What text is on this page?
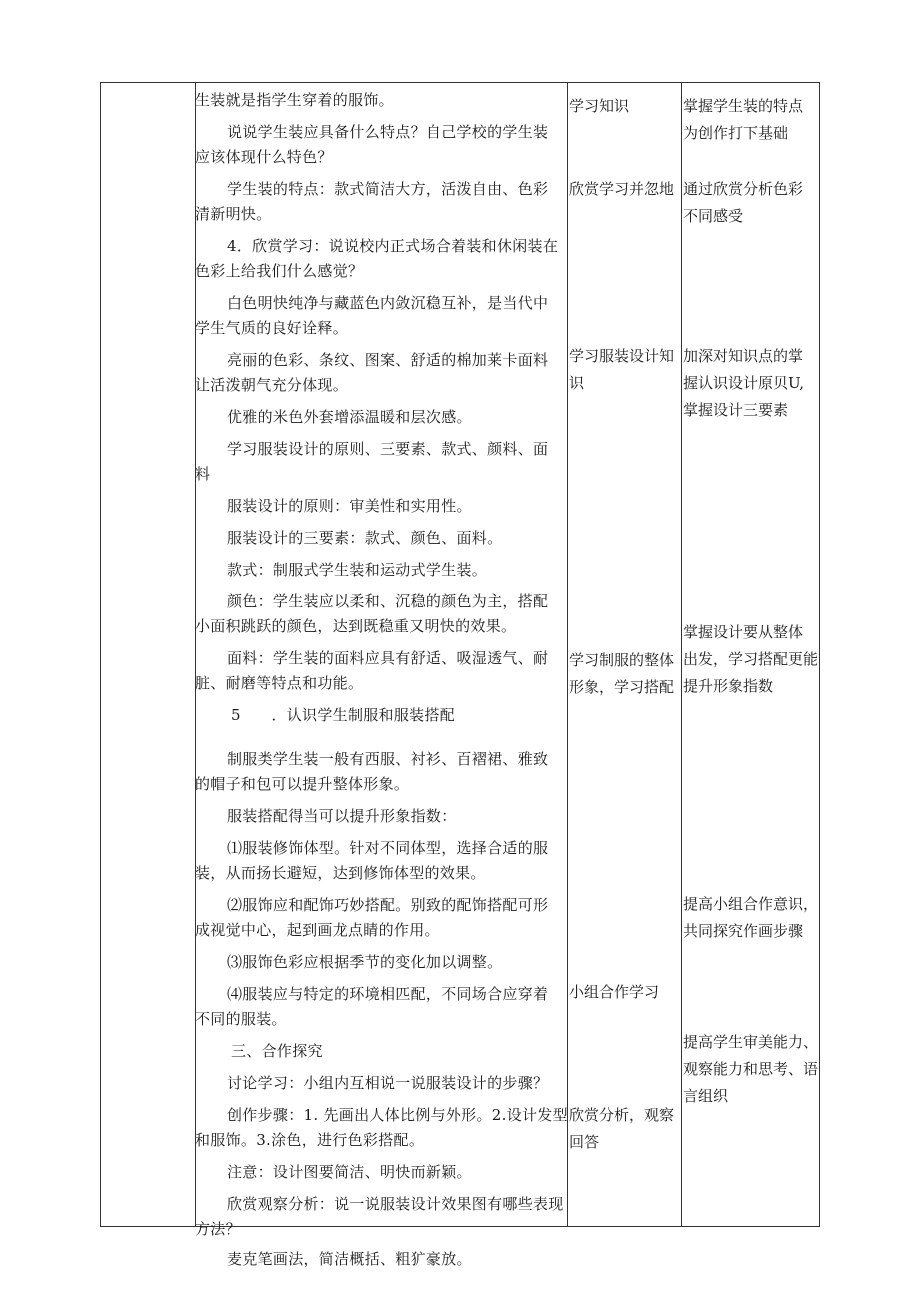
生装就是指学生穿着的服饰。
说说学生装应具备什么特点？自己学校的学生装
应该体现什么特色？
学生装的特点：款式简洁大方，活泼自由、色彩
清新明快。
4．欣赏学习：说说校内正式场合着装和休闲装在
色彩上给我们什么感觉？
白色明快纯净与藏蓝色内敛沉稳互补，是当代中
学生气质的良好诠释。
亮丽的色彩、条纹、图案、舒适的棉加莱卡面料
让活泼朝气充分体现。
优雅的米色外套增添温暖和层次感。
学习服装设计的原则、三要素、款式、颜料、面
料
服装设计的原则：审美性和实用性。
服装设计的三要素：款式、颜色、面料。
款式：制服式学生装和运动式学生装。
颜色：学生装应以柔和、沉稳的颜色为主，搭配
小面积跳跃的颜色，达到既稳重又明快的效果。
面料：学生装的面料应具有舒适、吸湿透气、耐
脏、耐磨等特点和功能。
5　　．认识学生制服和服装搭配
制服类学生装一般有西服、衬衫、百褶裙、雅致
的帽子和包可以提升整体形象。
服装搭配得当可以提升形象指数：
⑴服装修饰体型。针对不同体型，选择合适的服
装，从而扬长避短，达到修饰体型的效果。
⑵服饰应和配饰巧妙搭配。别致的配饰搭配可形
成视觉中心，起到画龙点睛的作用。
⑶服饰色彩应根据季节的变化加以调整。
⑷服装应与特定的环境相匹配，不同场合应穿着
不同的服装。
三、合作探究
讨论学习：小组内互相说一说服装设计的步骤？
创作步骤：1. 先画出人体比例与外形。2.设计发型
和服饰。3.涂色，进行色彩搭配。
注意：设计图要简洁、明快而新颖。
欣赏观察分析：说一说服装设计效果图有哪些表现
方法？
麦克笔画法，简洁概括、粗犷豪放。
学习知识
欣赏学习并忽地
学习服装设计知
识
学习制服的整体
形象，学习搭配
小组合作学习
欣赏分析，观察
回答
掌握学生装的特点
为创作打下基础
通过欣赏分析色彩
不同感受
加深对知识点的掌
握认识设计原贝U,
掌握设计三要素
掌握设计要从整体
出发，学习搭配更能
提升形象指数
提高小组合作意识，
共同探究作画步骤
提高学生审美能力、
观察能力和思考、语
言组织
